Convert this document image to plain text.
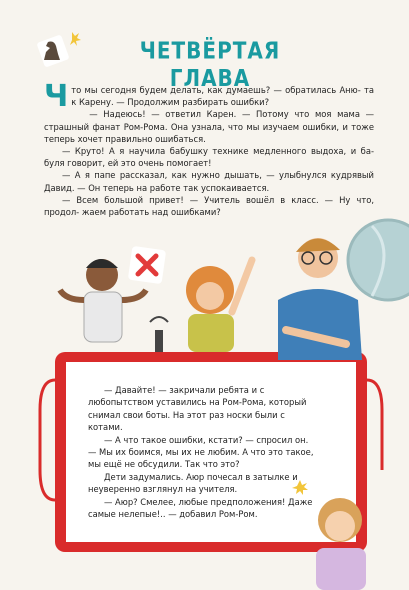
ЧЕТВЁРТАЯ ГЛАВА

Что мы сегодня будем делать, как думаешь? — обратилась Аню- та к Карену. — Продолжим разбирать ошибки?

— Надеюсь! — ответил Карен. — Потому что моя мама — страшный фанат Ром-Рома. Она узнала, что мы изучаем ошибки, и тоже теперь хочет правильно ошибаться.

— Круто! А я научила бабушку технике медленного выдоха, и ба- буля говорит, ей это очень помогает!

— А я папе рассказал, как нужно дышать, — улыбнулся кудрявый Давид. — Он теперь на работе так успокаивается.

— Всем большой привет! — Учитель вошёл в класс. — Ну что, продол- жаем работать над ошибками?

— Давайте! — закричали ребята и с любопытством уставились на Ром-Рома, который снимал свои боты. На этот раз носки были с котами.

— А что такое ошибки, кстати? — спросил он. — Мы их боимся, мы их не любим. А что это такое, мы ещё не обсудили. Так что это?

Дети задумались. Аюр почесал в затылке и неуверенно взглянул на учителя.

— Аюр? Смелее, любые предположения! Даже самые нелепые!.. — добавил Ром-Ром.
